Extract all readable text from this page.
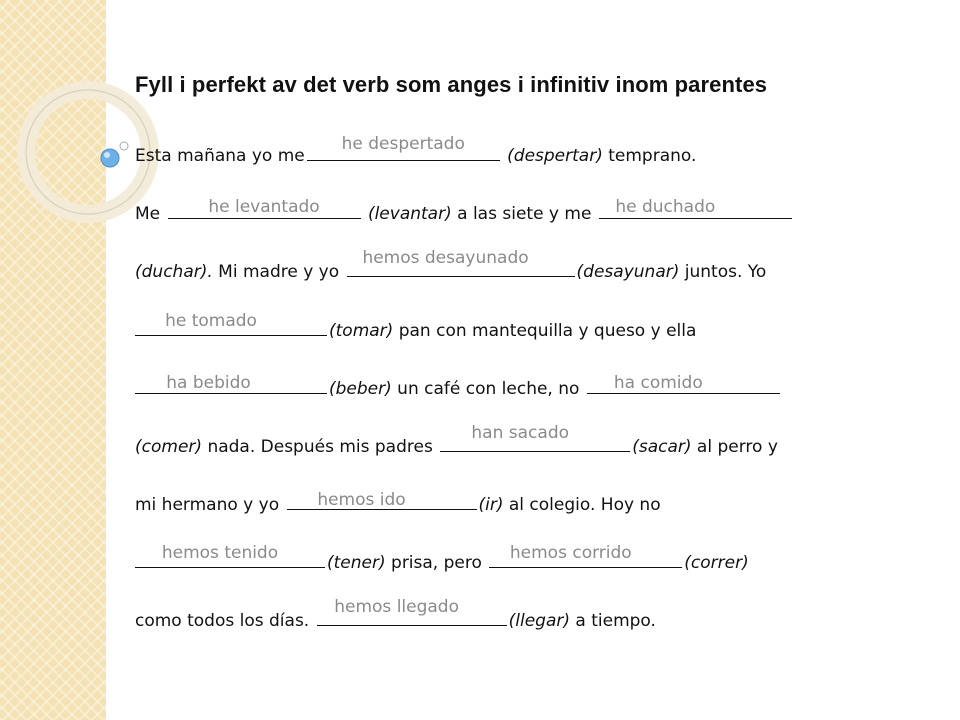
Fyll i perfekt av det verb som anges i infinitiv inom parentes
Esta mañana yo me
he despertado
(despertar) temprano.
Me	he levantado	(levantar) a las siete y me	he duchado
(duchar). Mi madre y yo
hemos desayunado
(desayunar) juntos. Yo
he tomado	(tomar) pan con mantequilla y queso y ella
ha bebido	(beber) un café con leche, no	ha comido
(comer) nada. Después mis padres
han sacado
(sacar) al perro y
mi hermano y yo	hemos ido	(ir) al colegio. Hoy no
hemos tenido	(tener) prisa, pero	hemos corrido	(correr)
como todos los días.
hemos llegado
(llegar) a tiempo.
